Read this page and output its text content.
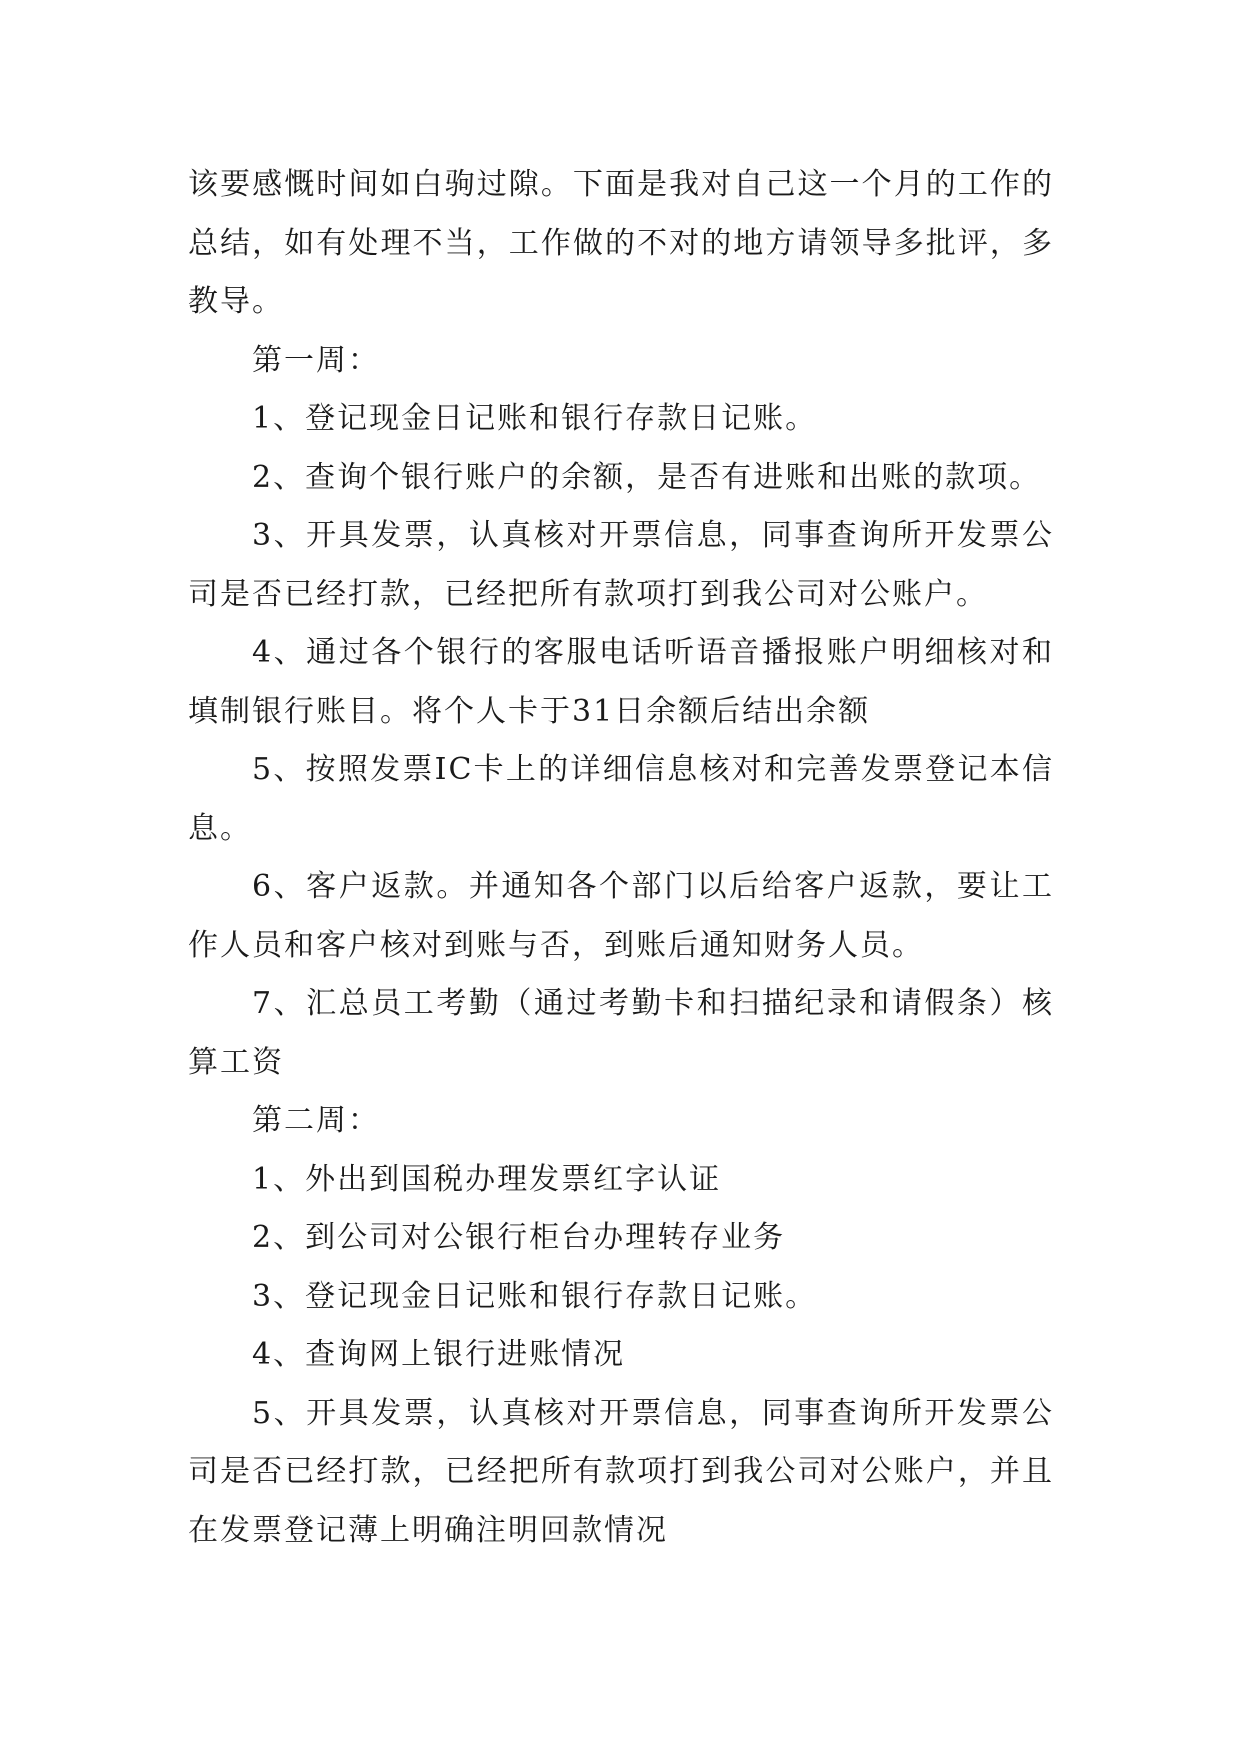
该要感慨时间如白驹过隙。下面是我对自己这一个月的工作的总结，如有处理不当，工作做的不对的地方请领导多批评，多教导。

第一周：

1、登记现金日记账和银行存款日记账。

2、查询个银行账户的余额，是否有进账和出账的款项。

3、开具发票，认真核对开票信息，同事查询所开发票公司是否已经打款，已经把所有款项打到我公司对公账户。

4、通过各个银行的客服电话听语音播报账户明细核对和填制银行账目。将个人卡于31日余额后结出余额

5、按照发票IC卡上的详细信息核对和完善发票登记本信息。

6、客户返款。并通知各个部门以后给客户返款，要让工作人员和客户核对到账与否，到账后通知财务人员。

7、汇总员工考勤（通过考勤卡和扫描纪录和请假条）核算工资

第二周：

1、外出到国税办理发票红字认证

2、到公司对公银行柜台办理转存业务

3、登记现金日记账和银行存款日记账。

4、查询网上银行进账情况

5、开具发票，认真核对开票信息，同事查询所开发票公司是否已经打款，已经把所有款项打到我公司对公账户，并且在发票登记薄上明确注明回款情况
